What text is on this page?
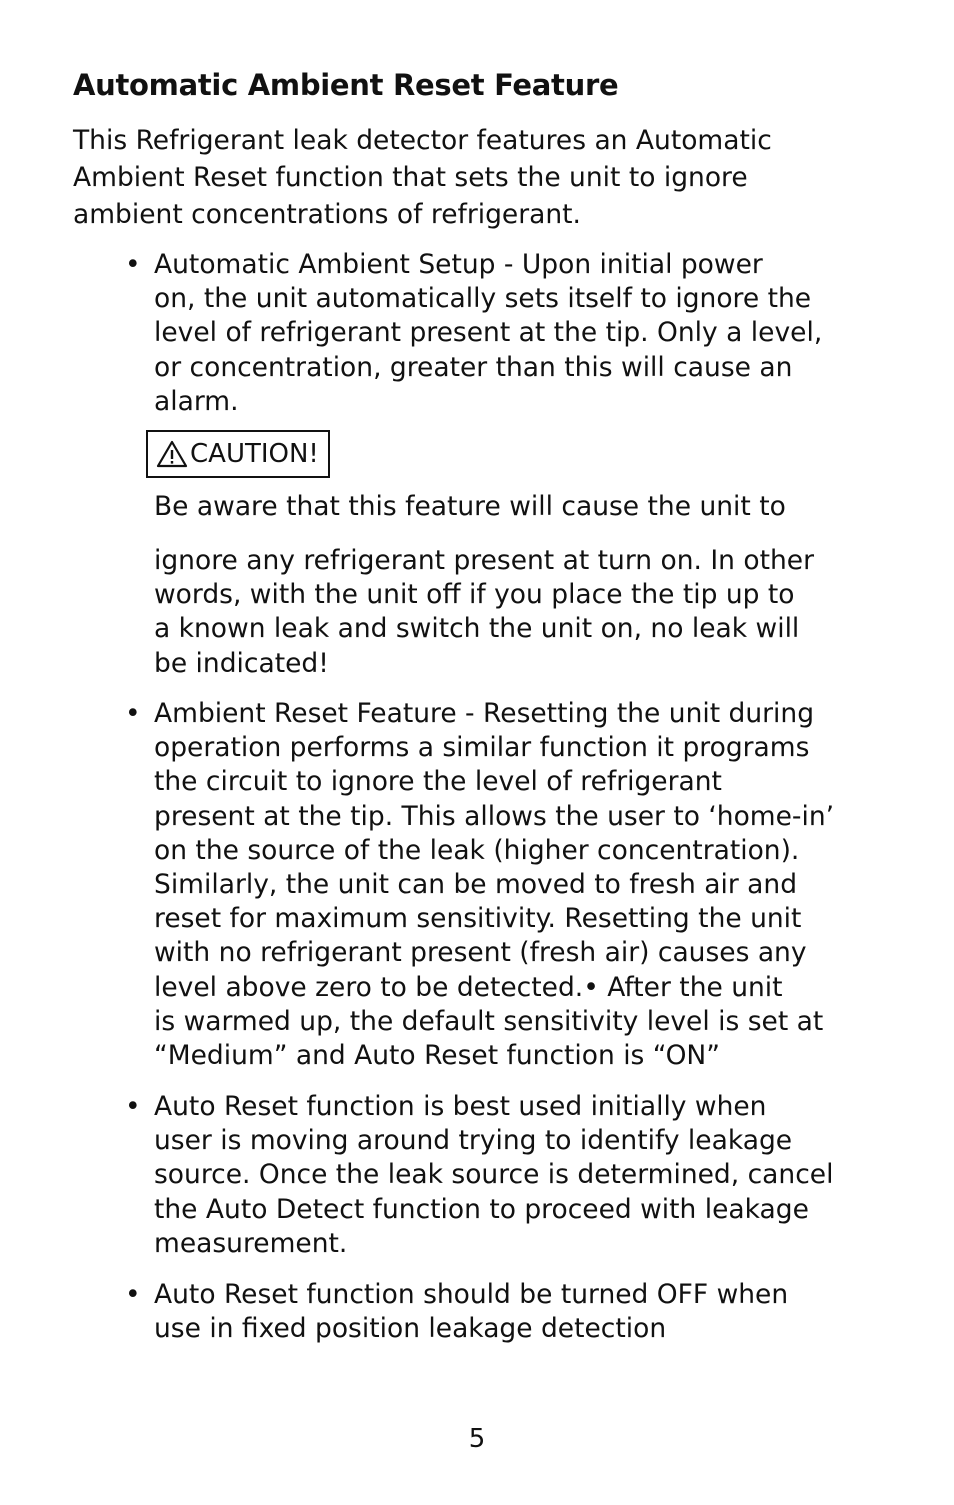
Automatic Ambient Reset Feature

This Refrigerant leak detector features an Automatic Ambient Reset function that sets the unit to ignore ambient concentrations of refrigerant.

• Automatic Ambient Setup - Upon initial power
on, the unit automatically sets itself to ignore the
level of refrigerant present at the tip. Only a level,
or concentration, greater than this will cause an
alarm.
CAUTION!

Be aware that this feature will cause the unit to

ignore any refrigerant present at turn on. In other
words, with the unit off if you place the tip up to
a known leak and switch the unit on, no leak will
be indicated!

• Ambient Reset Feature - Resetting the unit during
operation performs a similar function it programs
the circuit to ignore the level of refrigerant
present at the tip. This allows the user to ‘home-in’
on the source of the leak (higher concentration).
Similarly, the unit can be moved to fresh air and
reset for maximum sensitivity. Resetting the unit
with no refrigerant present (fresh air) causes any
level above zero to be detected.• After the unit
is warmed up, the default sensitivity level is set at
“Medium” and Auto Reset function is “ON”
• Auto Reset function is best used initially when
user is moving around trying to identify leakage
source. Once the leak source is determined, cancel
the Auto Detect function to proceed with leakage
measurement.
• Auto Reset function should be turned OFF when
use in fixed position leakage detection
5
